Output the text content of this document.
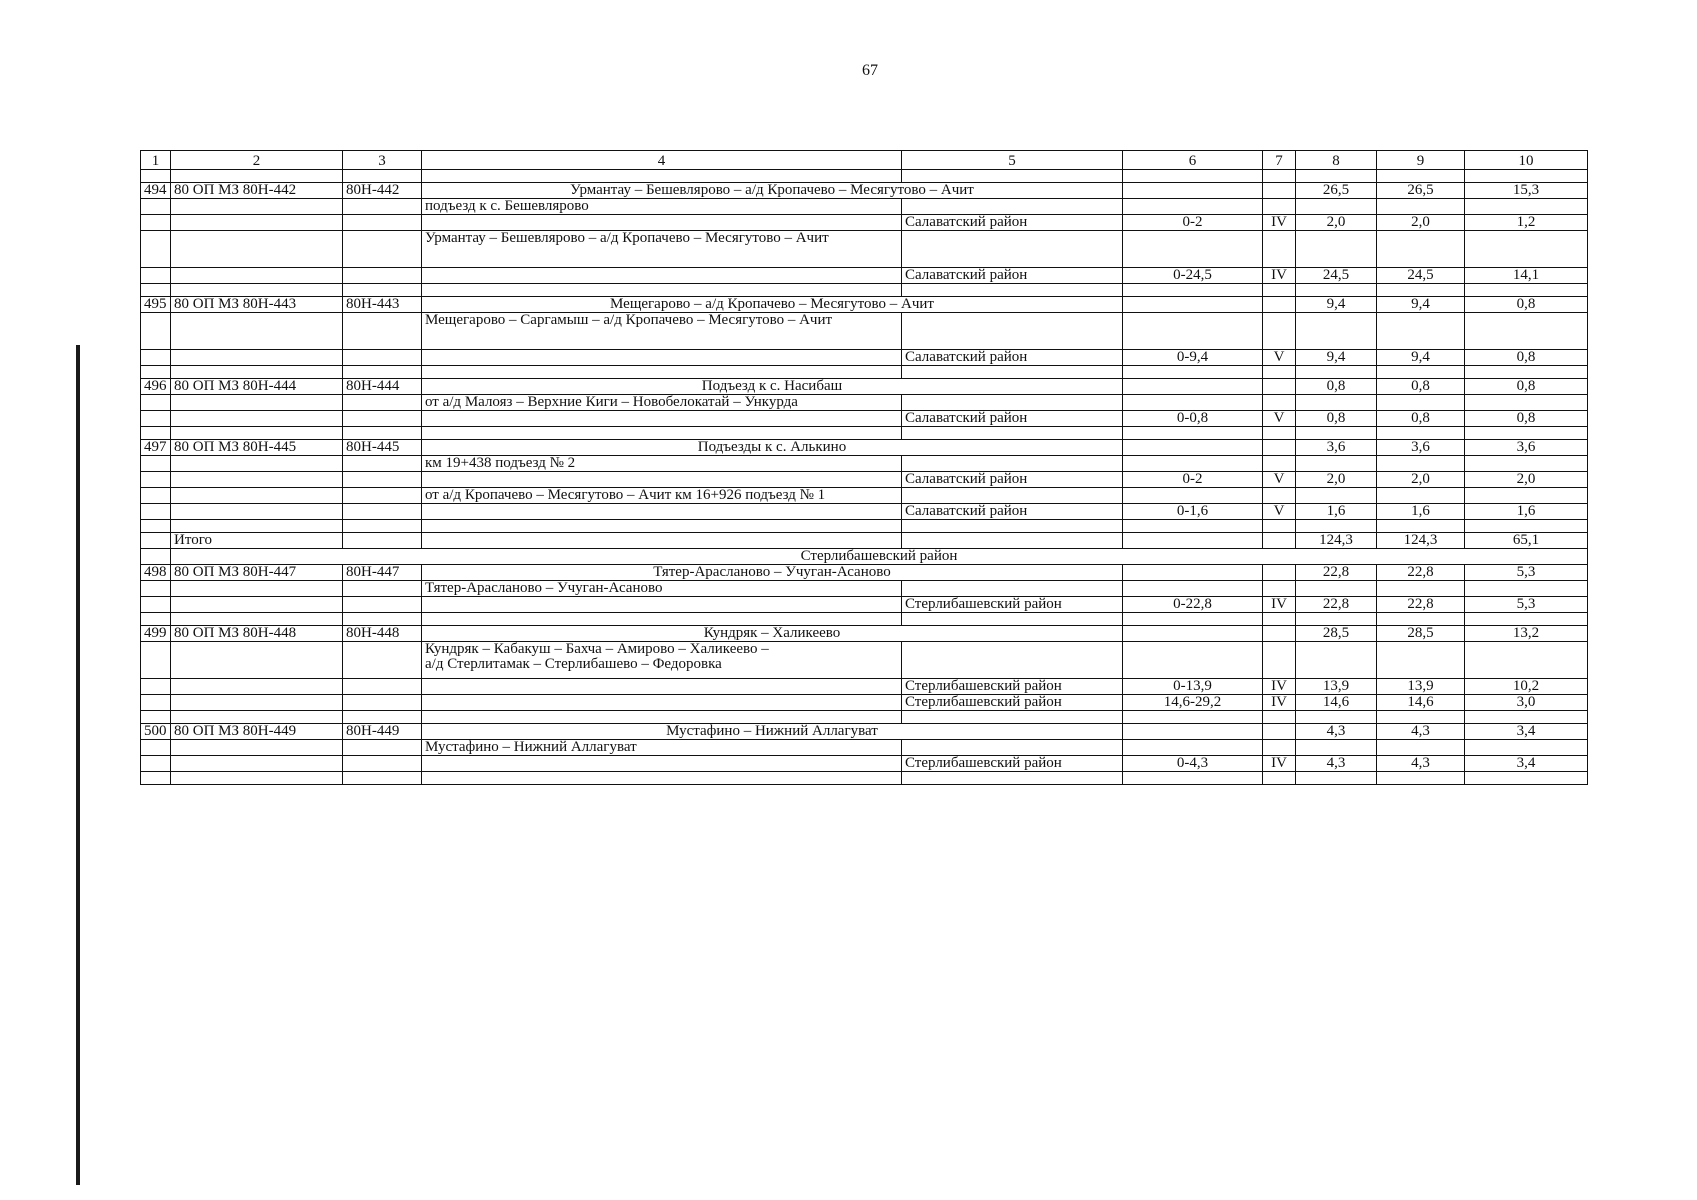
67
1	2	3	4	5	6	7	8	9	10

494	80 ОП МЗ 80Н-442	80Н-442	Урмантау – Бешевлярово – а/д Кропачево – Месягутово – Ачит				26,5	26,5	15,3
			подъезд к с. Бешевлярово						
				Салаватский район	0-2	IV	2,0	2,0	1,2
			Урмантау – Бешевлярово – а/д Кропачево – Месягутово – Ачит						
				Салаватский район	0-24,5	IV	24,5	24,5	14,1

495	80 ОП МЗ 80Н-443	80Н-443	Мещегарово – а/д Кропачево – Месягутово – Ачит				9,4	9,4	0,8
			Мещегарово – Саргамыш – а/д Кропачево – Месягутово – Ачит						
				Салаватский район	0-9,4	V	9,4	9,4	0,8

496	80 ОП МЗ 80Н-444	80Н-444	Подъезд к с. Насибаш				0,8	0,8	0,8
			от а/д Малояз – Верхние Киги – Новобелокатай – Ункурда						
				Салаватский район	0-0,8	V	0,8	0,8	0,8

497	80 ОП МЗ 80Н-445	80Н-445	Подъезды к с. Алькино				3,6	3,6	3,6
			км 19+438 подъезд № 2						
				Салаватский район	0-2	V	2,0	2,0	2,0
			от а/д Кропачево – Месягутово – Ачит км 16+926 подъезд № 1						
				Салаватский район	0-1,6	V	1,6	1,6	1,6

	Итого						124,3	124,3	65,1
	Стерлибашевский район								
498	80 ОП МЗ 80Н-447	80Н-447	Тятер-Арасланово – Учуган-Асаново				22,8	22,8	5,3
			Тятер-Арасланово – Учуган-Асаново						
				Стерлибашевский район	0-22,8	IV	22,8	22,8	5,3

499	80 ОП МЗ 80Н-448	80Н-448	Кундряк – Халикеево				28,5	28,5	13,2
			Кундряк – Кабакуш – Бахча – Амирово – Халикеево –
а/д Стерлитамак – Стерлибашево – Федоровка						
				Стерлибашевский район	0-13,9	IV	13,9	13,9	10,2
				Стерлибашевский район	14,6-29,2	IV	14,6	14,6	3,0

500	80 ОП МЗ 80Н-449	80Н-449	Мустафино – Нижний Аллагуват				4,3	4,3	3,4
			Мустафино – Нижний Аллагуват						
				Стерлибашевский район	0-4,3	IV	4,3	4,3	3,4
